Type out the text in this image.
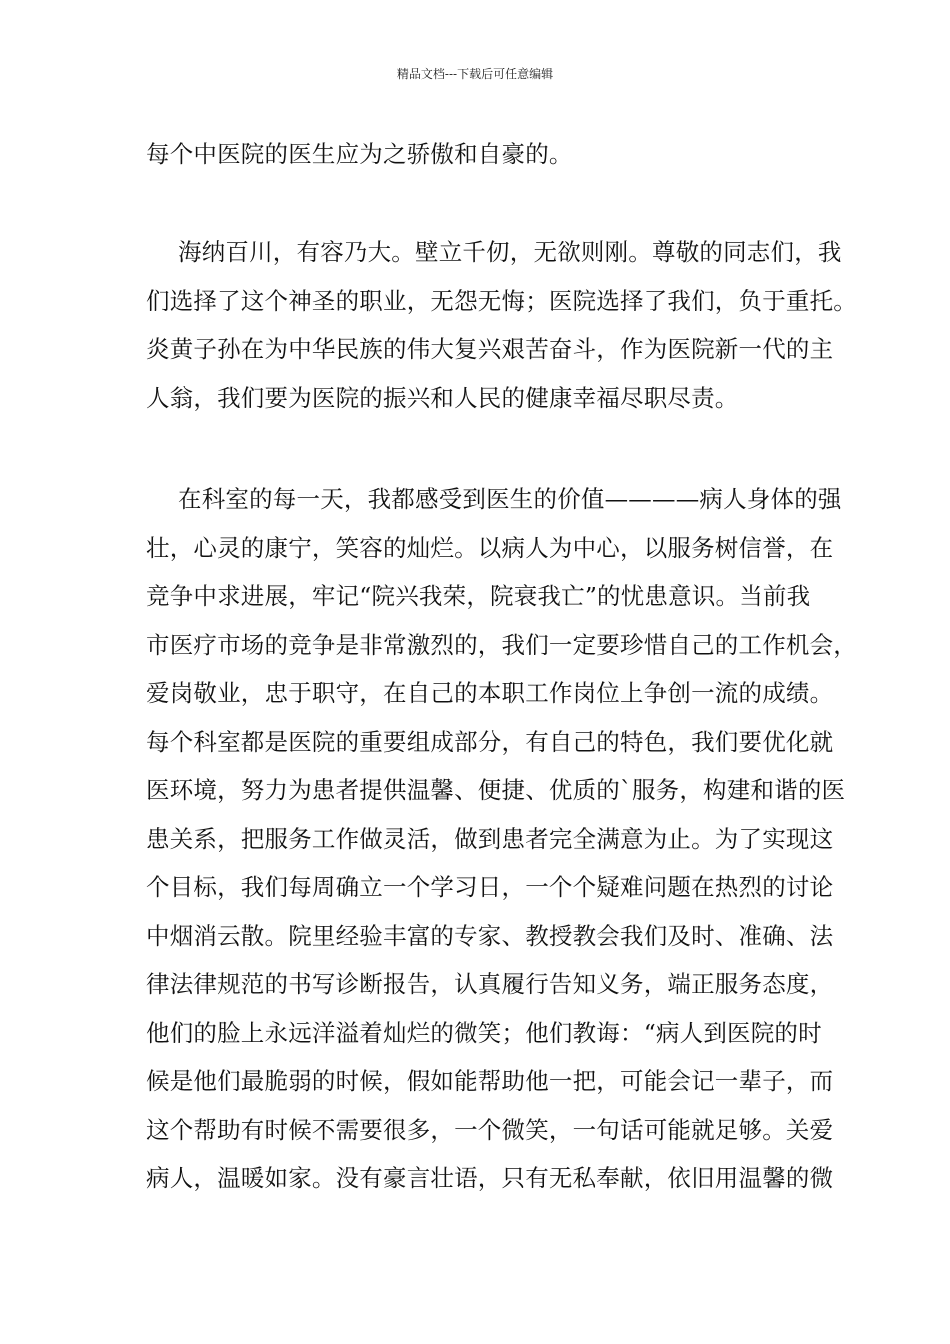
精品文档---下载后可任意编辑
每个中医院的医生应为之骄傲和自豪的。
海纳百川，有容乃大。壁立千仞，无欲则刚。尊敬的同志们，我
们选择了这个神圣的职业，无怨无悔；医院选择了我们，负于重托。
炎黄子孙在为中华民族的伟大复兴艰苦奋斗，作为医院新一代的主
人翁，我们要为医院的振兴和人民的健康幸福尽职尽责。
在科室的每一天，我都感受到医生的价值————病人身体的强
壮，心灵的康宁，笑容的灿烂。以病人为中心，以服务树信誉，在
竞争中求进展，牢记“院兴我荣，院衰我亡”的忧患意识。当前我
市医疗市场的竞争是非常激烈的，我们一定要珍惜自己的工作机会，
爱岗敬业，忠于职守，在自己的本职工作岗位上争创一流的成绩。
每个科室都是医院的重要组成部分，有自己的特色，我们要优化就
医环境，努力为患者提供温馨、便捷、优质的`服务，构建和谐的医
患关系，把服务工作做灵活，做到患者完全满意为止。为了实现这
个目标，我们每周确立一个学习日，一个个疑难问题在热烈的讨论
中烟消云散。院里经验丰富的专家、教授教会我们及时、准确、法
律法律规范的书写诊断报告，认真履行告知义务，端正服务态度，
他们的脸上永远洋溢着灿烂的微笑；他们教诲：“病人到医院的时
候是他们最脆弱的时候，假如能帮助他一把，可能会记一辈子，而
这个帮助有时候不需要很多，一个微笑，一句话可能就足够。关爱
病人，温暖如家。没有豪言壮语，只有无私奉献，依旧用温馨的微
